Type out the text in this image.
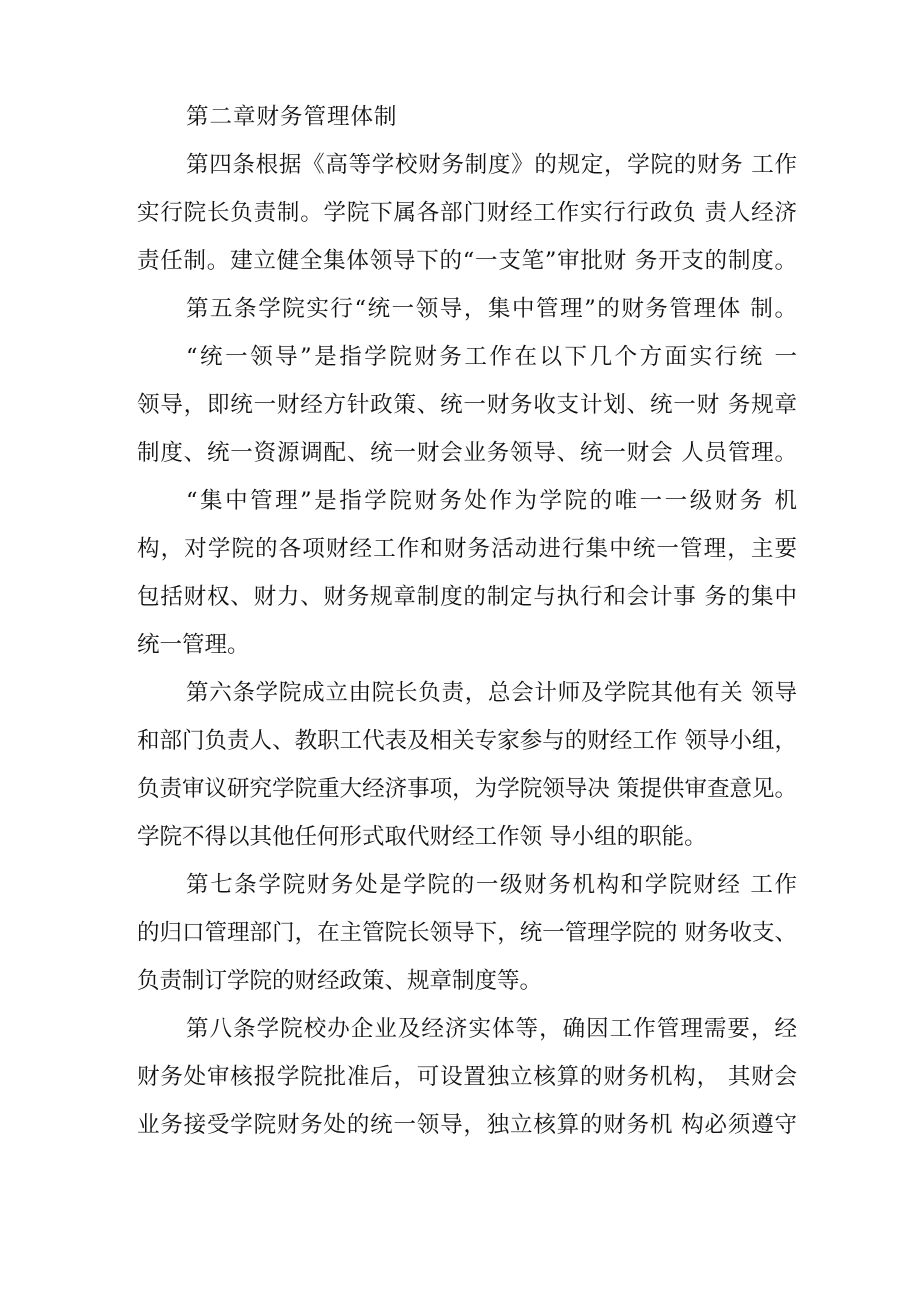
第二章财务管理体制
第四条根据《高等学校财务制度》的规定，学院的财务 工作
实行院长负责制。学院下属各部门财经工作实行行政负 责人经济
责任制。建立健全集体领导下的“一支笔”审批财 务开支的制度。
第五条学院实行“统一领导，集中管理”的财务管理体 制。
“统一领导”是指学院财务工作在以下几个方面实行统 一
领导，即统一财经方针政策、统一财务收支计划、统一财 务规章
制度、统一资源调配、统一财会业务领导、统一财会 人员管理。
“集中管理”是指学院财务处作为学院的唯一一级财务 机
构，对学院的各项财经工作和财务活动进行集中统一管理，主要
包括财权、财力、财务规章制度的制定与执行和会计事 务的集中
统一管理。
第六条学院成立由院长负责，总会计师及学院其他有关 领导
和部门负责人、教职工代表及相关专家参与的财经工作 领导小组，
负责审议研究学院重大经济事项，为学院领导决 策提供审查意见。
学院不得以其他任何形式取代财经工作领 导小组的职能。
第七条学院财务处是学院的一级财务机构和学院财经 工作
的归口管理部门，在主管院长领导下，统一管理学院的 财务收支、
负责制订学院的财经政策、规章制度等。
第八条学院校办企业及经济实体等，确因工作管理需要，经
财务处审核报学院批准后，可设置独立核算的财务机构， 其财会
业务接受学院财务处的统一领导，独立核算的财务机 构必须遵守
